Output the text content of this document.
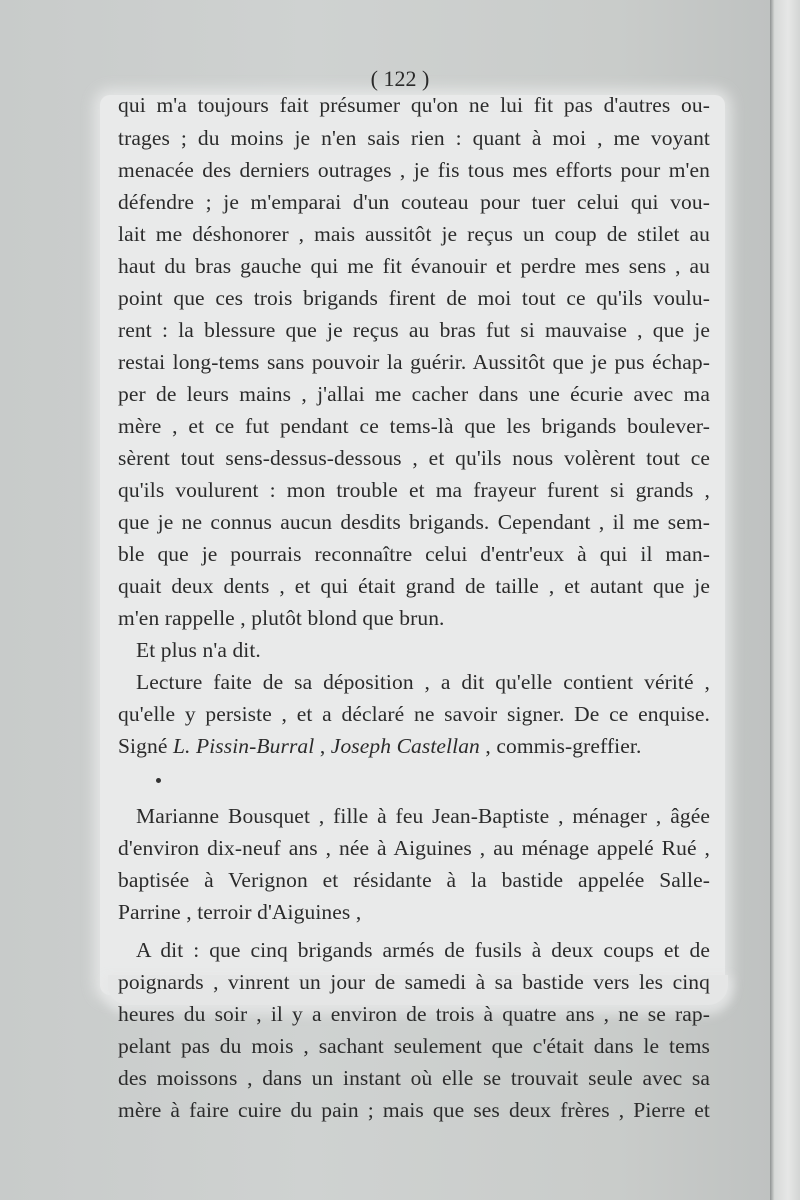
( 122 )
qui m'a toujours fait présumer qu'on ne lui fit pas d'autres ou-
trages ; du moins je n'en sais rien : quant à moi , me voyant
menacée des derniers outrages , je fis tous mes efforts pour m'en
défendre ; je m'emparai d'un couteau pour tuer celui qui vou-
lait me déshonorer , mais aussitôt je reçus un coup de stilet au
haut du bras gauche qui me fit évanouir et perdre mes sens , au
point que ces trois brigands firent de moi tout ce qu'ils voulu-
rent : la blessure que je reçus au bras fut si mauvaise , que je
restai long-tems sans pouvoir la guérir. Aussitôt que je pus échap-
per de leurs mains , j'allai me cacher dans une écurie avec ma
mère , et ce fut pendant ce tems-là que les brigands boulever-
sèrent tout sens-dessus-dessous , et qu'ils nous volèrent tout ce
qu'ils voulurent : mon trouble et ma frayeur furent si grands ,
que je ne connus aucun desdits brigands. Cependant , il me sem-
ble que je pourrais reconnaître celui d'entr'eux à qui il man-
quait deux dents , et qui était grand de taille , et autant que je
m'en rappelle , plutôt blond que brun.
Et plus n'a dit.
Lecture faite de sa déposition , a dit qu'elle contient vérité ,
qu'elle y persiste , et a déclaré ne savoir signer. De ce enquise.
Signé L. Pissin-Burral , Joseph Castellan , commis-greffier.
Marianne Bousquet , fille à feu Jean-Baptiste , ménager , âgée
d'environ dix-neuf ans , née à Aiguines , au ménage appelé Rué ,
baptisée à Verignon et résidante à la bastide appelée Salle-
Parrine , terroir d'Aiguines ,
A dit : que cinq brigands armés de fusils à deux coups et de
poignards , vinrent un jour de samedi à sa bastide vers les cinq
heures du soir , il y a environ de trois à quatre ans , ne se rap-
pelant pas du mois , sachant seulement que c'était dans le tems
des moissons , dans un instant où elle se trouvait seule avec sa
mère à faire cuire du pain ; mais que ses deux frères , Pierre et
